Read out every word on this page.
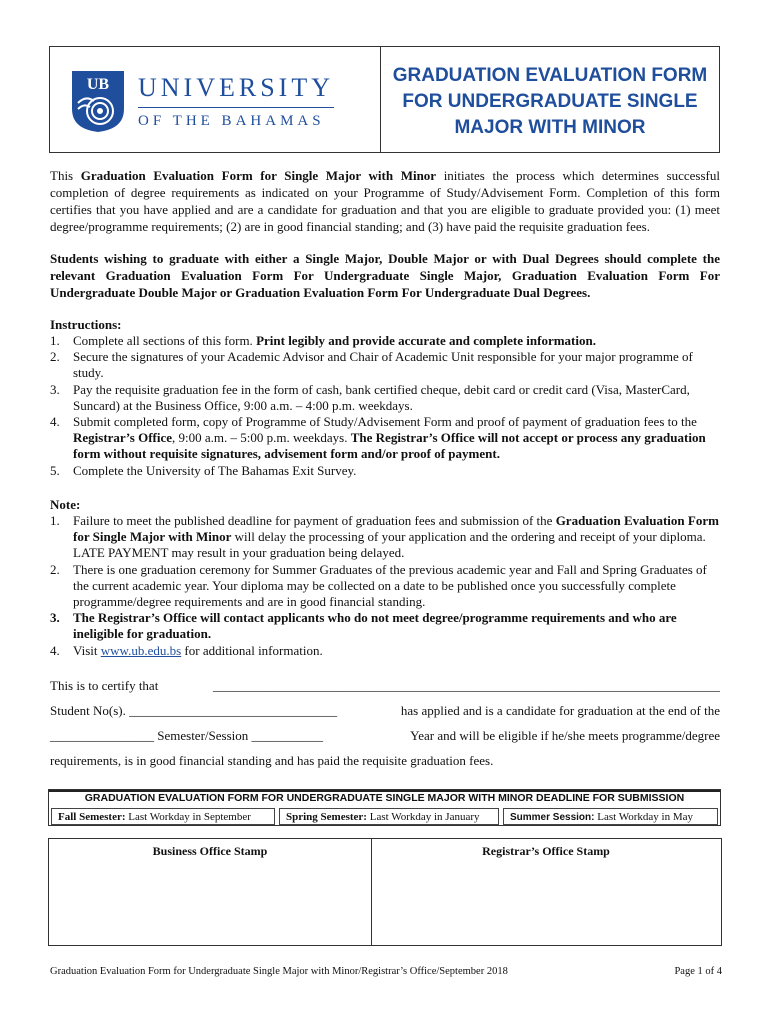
UB UNIVERSITY
OF THE BAHAMAS
GRADUATION EVALUATION FORM
FOR UNDERGRADUATE SINGLE
MAJOR WITH MINOR

This Graduation Evaluation Form for Single Major with Minor initiates the process which determines successful completion of degree requirements as indicated on your Programme of Study/Advisement Form. Completion of this form certifies that you have applied and are a candidate for graduation and that you are eligible to graduate provided you: (1) meet degree/programme requirements; (2) are in good financial standing; and (3) have paid the requisite graduation fees.

Students wishing to graduate with either a Single Major, Double Major or with Dual Degrees should complete the relevant Graduation Evaluation Form For Undergraduate Single Major, Graduation Evaluation Form For Undergraduate Double Major or Graduation Evaluation Form For Undergraduate Dual Degrees.

Instructions:
1. Complete all sections of this form. Print legibly and provide accurate and complete information.
2. Secure the signatures of your Academic Advisor and Chair of Academic Unit responsible for your major programme of study.
3. Pay the requisite graduation fee in the form of cash, bank certified cheque, debit card or credit card (Visa, MasterCard, Suncard) at the Business Office, 9:00 a.m. – 4:00 p.m. weekdays.
4. Submit completed form, copy of Programme of Study/Advisement Form and proof of payment of graduation fees to the Registrar’s Office, 9:00 a.m. – 5:00 p.m. weekdays. The Registrar’s Office will not accept or process any graduation form without requisite signatures, advisement form and/or proof of payment.
5. Complete the University of The Bahamas Exit Survey.
Note:
1. Failure to meet the published deadline for payment of graduation fees and submission of the Graduation Evaluation Form for Single Major with Minor will delay the processing of your application and the ordering and receipt of your diploma. LATE PAYMENT may result in your graduation being delayed.
2. There is one graduation ceremony for Summer Graduates of the previous academic year and Fall and Spring Graduates of the current academic year. Your diploma may be collected on a date to be published once you successfully complete programme/degree requirements and are in good financial standing.
3. The Registrar’s Office will contact applicants who do not meet degree/programme requirements and who are ineligible for graduation.
4. Visit www.ub.edu.bs for additional information.
This is to certify that	______________________________________________________________________________
Student No(s). ________________________________	has applied and is a candidate for graduation at the end of the
________________ Semester/Session ___________	Year and will be eligible if he/she meets programme/degree
requirements, is in good financial standing and has paid the requisite graduation fees.
GRADUATION EVALUATION FORM FOR UNDERGRADUATE SINGLE MAJOR WITH MINOR DEADLINE FOR SUBMISSION
Fall Semester: Last Workday in September	Spring Semester: Last Workday in January	Summer Session: Last Workday in May
Business Office Stamp	Registrar’s Office Stamp
Graduation Evaluation Form for Undergraduate Single Major with Minor/Registrar’s Office/September 2018	Page 1 of 4
